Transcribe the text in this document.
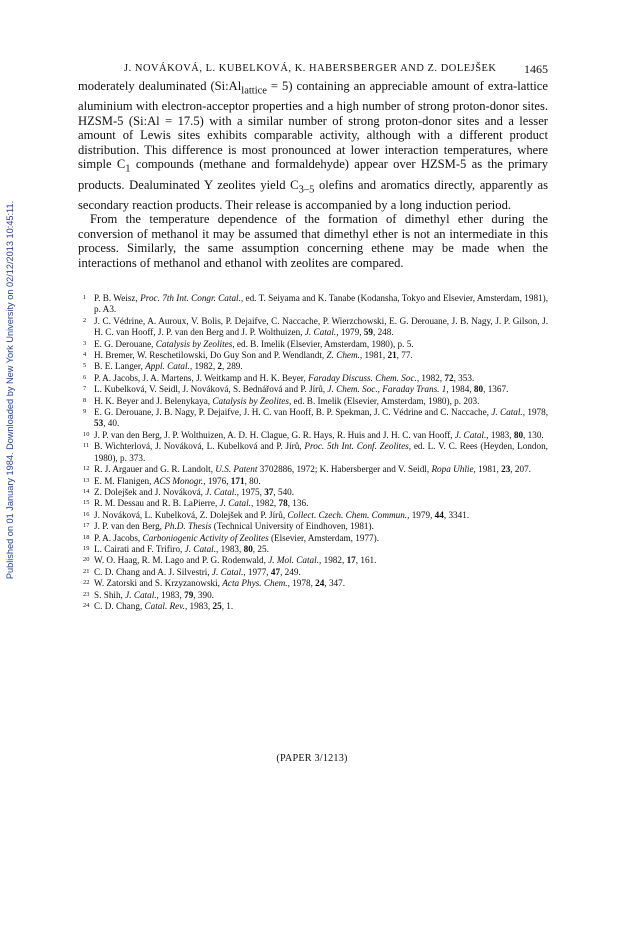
Published on 01 January 1984. Downloaded by New York University on 02/12/2013 10:45:11.
J. NOVÁKOVÁ, L. KUBELKOVÁ, K. HABERSBERGER AND Z. DOLEJŠEK 1465

moderately dealuminated $(Si:Al_{lattice} = 5)$ containing an appreciable amount of extra-lattice aluminium with electron-acceptor properties and a high number of strong proton-donor sites. HZSM-5 (Si:Al = 17.5) with a similar number of strong proton-donor sites and a lesser amount of Lewis sites exhibits comparable activity, although with a different product distribution. This difference is most pronounced at lower interaction temperatures, where simple $C_1$ compounds (methane and formaldehyde) appear over HZSM-5 as the primary products. Dealuminated Y zeolites yield $C_{3-5}$ olefins and aromatics directly, apparently as secondary reaction products. Their release is accompanied by a long induction period.

From the temperature dependence of the formation of dimethyl ether during the conversion of methanol it may be assumed that dimethyl ether is not an intermediate in this process. Similarly, the same assumption concerning ethene may be made when the interactions of methanol and ethanol with zeolites are compared.

1 P. B. Weisz, Proc. 7th Int. Congr. Catal., ed. T. Seiyama and K. Tanabe (Kodansha, Tokyo and Elsevier, Amsterdam, 1981), p. A3.
2 J. C. Védrine, A. Auroux, V. Bolis, P. Dejaifve, C. Naccache, P. Wierzchowski, E. G. Derouane, J. B. Nagy, J. P. Gilson, J. H. C. van Hooff, J. P. van den Berg and J. P. Wolthuizen, J. Catal., 1979, 59, 248.
3 E. G. Derouane, Catalysis by Zeolites, ed. B. Imelik (Elsevier, Amsterdam, 1980), p. 5.
4 H. Bremer, W. Reschetilowski, Do Guy Son and P. Wendlandt, Z. Chem., 1981, 21, 77.
5 B. E. Langer, Appl. Catal., 1982, 2, 289.
6 P. A. Jacobs, J. A. Martens, J. Weitkamp and H. K. Beyer, Faraday Discuss. Chem. Soc., 1982, 72, 353.
7 L. Kubelková, V. Seidl, J. Nováková, S. Bednářová and P. Jírů, J. Chem. Soc., Faraday Trans. 1, 1984, 80, 1367.
8 H. K. Beyer and J. Belenykaya, Catalysis by Zeolites, ed. B. Imelik (Elsevier, Amsterdam, 1980), p. 203.
9 E. G. Derouane, J. B. Nagy, P. Dejaifve, J. H. C. van Hooff, B. P. Spekman, J. C. Védrine and C. Naccache, J. Catal., 1978, 53, 40.
10 J. P. van den Berg, J. P. Wolthuizen, A. D. H. Clague, G. R. Hays, R. Huis and J. H. C. van Hooff, J. Catal., 1983, 80, 130.
11 B. Wichterlová, J. Nováková, L. Kubelková and P. Jírů, Proc. 5th Int. Conf. Zeolites, ed. L. V. C. Rees (Heyden, London, 1980), p. 373.
12 R. J. Argauer and G. R. Landolt, U.S. Patent 3702886, 1972; K. Habersberger and V. Seidl, Ropa Uhlie, 1981, 23, 207.
13 E. M. Flanigen, ACS Monogr., 1976, 171, 80.
14 Z. Dolejšek and J. Nováková, J. Catal., 1975, 37, 540.
15 R. M. Dessau and R. B. LaPierre, J. Catal., 1982, 78, 136.
16 J. Nováková, L. Kubelková, Z. Dolejšek and P. Jírů, Collect. Czech. Chem. Commun., 1979, 44, 3341.
17 J. P. van den Berg, Ph.D. Thesis (Technical University of Eindhoven, 1981).
18 P. A. Jacobs, Carboniogenic Activity of Zeolites (Elsevier, Amsterdam, 1977).
19 L. Cairati and F. Trifiro, J. Catal., 1983, 80, 25.
20 W. O. Haag, R. M. Lago and P. G. Rodenwald, J. Mol. Catal., 1982, 17, 161.
21 C. D. Chang and A. J. Silvestri, J. Catal., 1977, 47, 249.
22 W. Zatorski and S. Krzyzanowski, Acta Phys. Chem., 1978, 24, 347.
23 S. Shih, J. Catal., 1983, 79, 390.
24 C. D. Chang, Catal. Rev., 1983, 25, 1.
(PAPER 3/1213)
